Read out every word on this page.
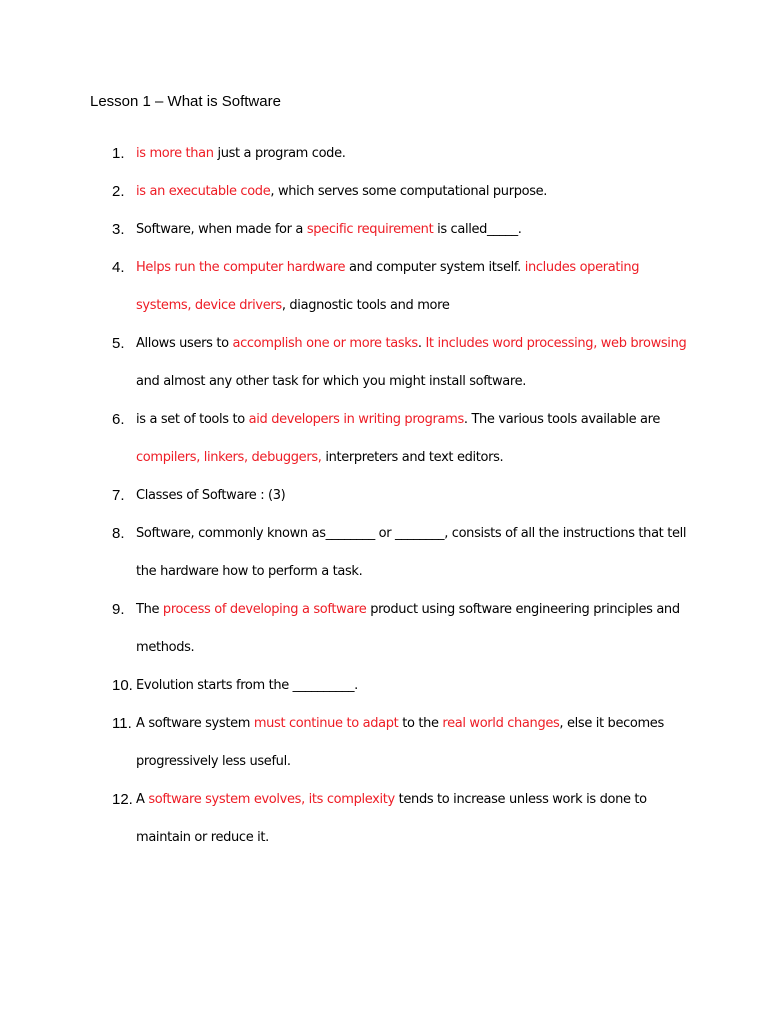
Lesson 1 – What is Software
1. is more than just a program code.
2. is an executable code, which serves some computational purpose.
3. Software, when made for a specific requirement is called_____.
4. Helps run the computer hardware and computer system itself. includes operating systems, device drivers, diagnostic tools and more
5. Allows users to accomplish one or more tasks. It includes word processing, web browsing and almost any other task for which you might install software.
6. is a set of tools to aid developers in writing programs. The various tools available are compilers, linkers, debuggers, interpreters and text editors.
7. Classes of Software : (3)
8. Software, commonly known as________ or ________, consists of all the instructions that tell the hardware how to perform a task.
9. The process of developing a software product using software engineering principles and methods.
10. Evolution starts from the __________.
11. A software system must continue to adapt to the real world changes, else it becomes progressively less useful.
12. A software system evolves, its complexity tends to increase unless work is done to maintain or reduce it.
